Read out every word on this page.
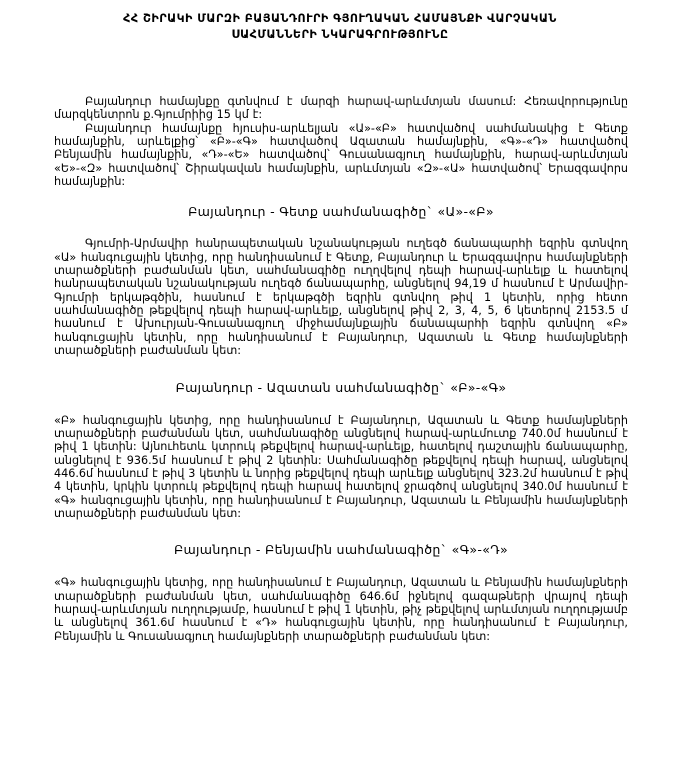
ՀՀ ՇԻՐԱԿԻ ՄԱՐԶԻ ԲԱՅԱՆԴՈՒՐԻ ԳՅՈՒՂԱԿԱՆ ՀԱՄԱՅՆՔԻ ՎԱՐՉԱԿԱՆ
ՍԱՀՄԱՆՆԵՐԻ ՆԿԱՐԱԳՐՈՒԹՅՈՒՆԸ

Բայանդուր համայնքը գտնվում է մարզի հարավ-արևմտյան մասում: Հեռավորությունը մարզկենտրոն ք.Գյումրիից 15 կմ է:

Բայանդուր համայնքը հյուսիս-արևելյան «Ա»-«Բ» հատվածով սահմանակից է Գետք համայնքին, արևելքից՝ «Բ»-«Գ» հատվածով Ազատան համայնքին, «Գ»-«Դ» հատվածով Բենյամին համայնքին, «Դ»-«Ե» հատվածով՝ Գուսանագյուղ համայնքին, հարավ-արևմտյան «Ե»-«Զ» հատվածով՝ Շիրակավան համայնքին, արևմտյան «Զ»-«Ա» հատվածով՝ Երազգավորս համայնքին:

Բայանդուր - Գետք սահմանագիծը` «Ա»-«Բ»

Գյումրի-Արմավիր հանրապետական նշանակության ուղեգծ ճանապարհի եզրին գտնվող «Ա» հանգուցային կետից, որը հանդիսանում է Գետք, Բայանդուր և Երազգավորս համայնքների տարածքների բաժանման կետ, սահմանագիծը ուղղվելով դեպի հարավ-արևելք և հատելով հանրապետական նշանակության ուղեգծ ճանապարհը, անցնելով 94,19 մ հասնում է Արմավիր-Գյումրի երկաթգծին, հասնում է երկաթգծի եզրին գտնվող թիվ 1 կետին, որից հետո սահմանագիծը թեքվելով դեպի հարավ-արևելք, անցնելով թիվ 2, 3, 4, 5, 6 կետերով 2153.5 մ հասնում է Ախուրյան-Գուսանագյուղ միջհամայնքային ճանապարհի եզրին գտնվող «Բ» հանգուցային կետին, որը հանդիսանում է Բայանդուր, Ազատան և Գետք համայնքների տարածքների բաժանման կետ:

Բայանդուր - Ազատան սահմանագիծը` «Բ»-«Գ»

«Բ» հանգուցային կետից, որը հանդիսանում է Բայանդուր, Ազատան և Գետք համայնքների տարածքների բաժանման կետ, սահմանագիծը անցնելով հարավ-արևմուտք 740.0մ հասնում է թիվ 1 կետին: Այնուհետև կտրուկ թեքվելով հարավ-արևելք, հատելով դաշտային ճանապարհը, անցնելով է 936.5մ հասնում է թիվ 2 կետին: Սահմանագիծը թեքվելով դեպի հարավ, անցնելով 446.6մ հասնում է թիվ 3 կետին և նորից թեքվելով դեպի արևելք անցնելով 323.2մ հասնում է թիվ 4 կետին, կրկին կտրուկ թեքվելով դեպի հարավ հատելով ջրագծով անցնելով 340.0մ հասնում է «Գ» հանգուցային կետին, որը հանդիսանում է Բայանդուր, Ազատան և Բենյամին համայնքների տարածքների բաժանման կետ:

Բայանդուր - Բենյամին սահմանագիծը` «Գ»-«Դ»

«Գ» հանգուցային կետից, որը հանդիսանում է Բայանդուր, Ազատան և Բենյամին համայնքների տարածքների բաժանման կետ, սահմանագիծը 646.6մ իջնելով գազաթների վրայով դեպի հարավ-արևմտյան ուղղությամբ, հասնում է թիվ 1 կետին, թիչ թեքվելով արևմտյան ուղղությամբ և անցնելով 361.6մ հասնում է «Դ» հանգուցային կետին, որը հանդիսանում է Բայանդուր, Բենյամին և Գուսանագյուղ համայնքների տարածքների բաժանման կետ:
